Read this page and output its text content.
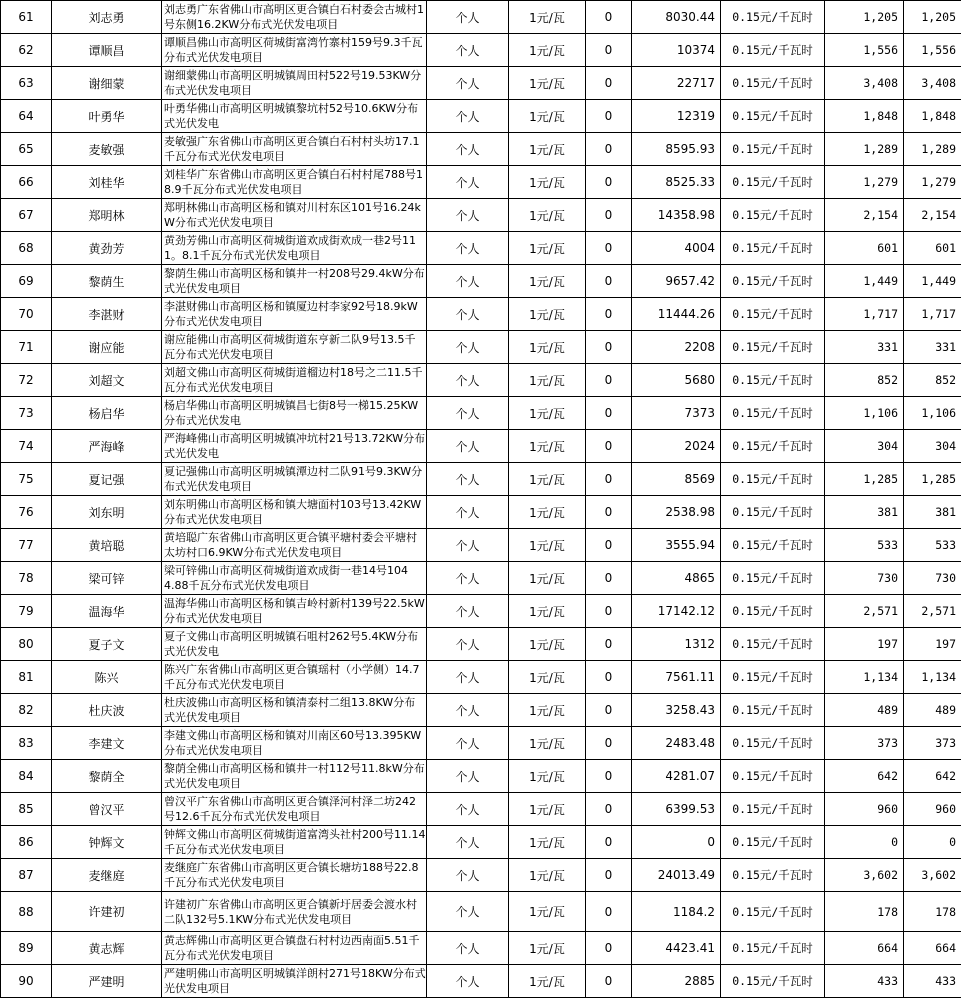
61	刘志勇	刘志勇广东省佛山市高明区更合镇白石村委会古城村1号东侧16.2KW分布式光伏发电项目	个人	1元/瓦	0	8030.44	0.15元/千瓦时	1,205	1,205
62	谭顺昌	谭顺昌佛山市高明区荷城街富湾竹寨村159号9.3千瓦分布式光伏发电项目	个人	1元/瓦	0	10374	0.15元/千瓦时	1,556	1,556
63	谢细蒙	谢细蒙佛山市高明区明城镇周田村522号19.53KW分布式光伏发电项目	个人	1元/瓦	0	22717	0.15元/千瓦时	3,408	3,408
64	叶勇华	叶勇华佛山市高明区明城镇黎坑村52号10.6KW分布式光伏发电	个人	1元/瓦	0	12319	0.15元/千瓦时	1,848	1,848
65	麦敏强	麦敏强广东省佛山市高明区更合镇白石村村头坊17.1千瓦分布式光伏发电项目	个人	1元/瓦	0	8595.93	0.15元/千瓦时	1,289	1,289
66	刘桂华	刘桂华广东省佛山市高明区更合镇白石村村尾788号18.9千瓦分布式光伏发电项目	个人	1元/瓦	0	8525.33	0.15元/千瓦时	1,279	1,279
67	郑明林	郑明林佛山市高明区杨和镇对川村东区101号16.24kW分布式光伏发电项目	个人	1元/瓦	0	14358.98	0.15元/千瓦时	2,154	2,154
68	黄劲芳	黄劲芳佛山市高明区荷城街道欢成街欢成一巷2号111。8.1千瓦分布式光伏发电项目	个人	1元/瓦	0	4004	0.15元/千瓦时	601	601
69	黎荫生	黎荫生佛山市高明区杨和镇井一村208号29.4kW分布式光伏发电项目	个人	1元/瓦	0	9657.42	0.15元/千瓦时	1,449	1,449
70	李湛财	李湛财佛山市高明区杨和镇厦边村李家92号18.9kW分布式光伏发电项目	个人	1元/瓦	0	11444.26	0.15元/千瓦时	1,717	1,717
71	谢应能	谢应能佛山市高明区荷城街道东亨新二队9号13.5千瓦分布式光伏发电项目	个人	1元/瓦	0	2208	0.15元/千瓦时	331	331
72	刘超文	刘超文佛山市高明区荷城街道榴边村18号之二11.5千瓦分布式光伏发电项目	个人	1元/瓦	0	5680	0.15元/千瓦时	852	852
73	杨启华	杨启华佛山市高明区明城镇昌七街8号一梯15.25KW分布式光伏发电	个人	1元/瓦	0	7373	0.15元/千瓦时	1,106	1,106
74	严海峰	严海峰佛山市高明区明城镇冲坑村21号13.72KW分布式光伏发电	个人	1元/瓦	0	2024	0.15元/千瓦时	304	304
75	夏记强	夏记强佛山市高明区明城镇潭边村二队91号9.3KW分布式光伏发电项目	个人	1元/瓦	0	8569	0.15元/千瓦时	1,285	1,285
76	刘东明	刘东明佛山市高明区杨和镇大塘面村103号13.42KW分布式光伏发电项目	个人	1元/瓦	0	2538.98	0.15元/千瓦时	381	381
77	黄培聪	黄培聪广东省佛山市高明区更合镇平塘村委会平塘村太坊村口6.9KW分布式光伏发电项目	个人	1元/瓦	0	3555.94	0.15元/千瓦时	533	533
78	梁可锌	梁可锌佛山市高明区荷城街道欢成街一巷14号104　4.88千瓦分布式光伏发电项目	个人	1元/瓦	0	4865	0.15元/千瓦时	730	730
79	温海华	温海华佛山市高明区杨和镇吉岭村新村139号22.5kW分布式光伏发电项目	个人	1元/瓦	0	17142.12	0.15元/千瓦时	2,571	2,571
80	夏子文	夏子文佛山市高明区明城镇石咀村262号5.4KW分布式光伏发电	个人	1元/瓦	0	1312	0.15元/千瓦时	197	197
81	陈兴	陈兴广东省佛山市高明区更合镇瑶村（小学侧）14.7千瓦分布式光伏发电项目	个人	1元/瓦	0	7561.11	0.15元/千瓦时	1,134	1,134
82	杜庆波	杜庆波佛山市高明区杨和镇清泰村二组13.8KW分布式光伏发电项目	个人	1元/瓦	0	3258.43	0.15元/千瓦时	489	489
83	李建文	李建文佛山市高明区杨和镇对川南区60号13.395KW分布式光伏发电项目	个人	1元/瓦	0	2483.48	0.15元/千瓦时	373	373
84	黎荫全	黎荫全佛山市高明区杨和镇井一村112号11.8kW分布式光伏发电项目	个人	1元/瓦	0	4281.07	0.15元/千瓦时	642	642
85	曾汉平	曾汉平广东省佛山市高明区更合镇泽河村泽二坊242号12.6千瓦分布式光伏发电项目	个人	1元/瓦	0	6399.53	0.15元/千瓦时	960	960
86	钟辉文	钟辉文佛山市高明区荷城街道富湾头社村200号11.14千瓦分布式光伏发电项目	个人	1元/瓦	0	0	0.15元/千瓦时	0	0
87	麦继庭	麦继庭广东省佛山市高明区更合镇长塘坊188号22.8千瓦分布式光伏发电项目	个人	1元/瓦	0	24013.49	0.15元/千瓦时	3,602	3,602
88	许建初	许建初广东省佛山市高明区更合镇新圩居委会渡水村二队132号5.1KW分布式光伏发电项目	个人	1元/瓦	0	1184.2	0.15元/千瓦时	178	178
89	黄志辉	黄志辉佛山市高明区更合镇盘石村村边西南面5.51千瓦分布式光伏发电项目	个人	1元/瓦	0	4423.41	0.15元/千瓦时	664	664
90	严建明	严建明佛山市高明区明城镇洋朗村271号18KW分布式光伏发电项目	个人	1元/瓦	0	2885	0.15元/千瓦时	433	433
